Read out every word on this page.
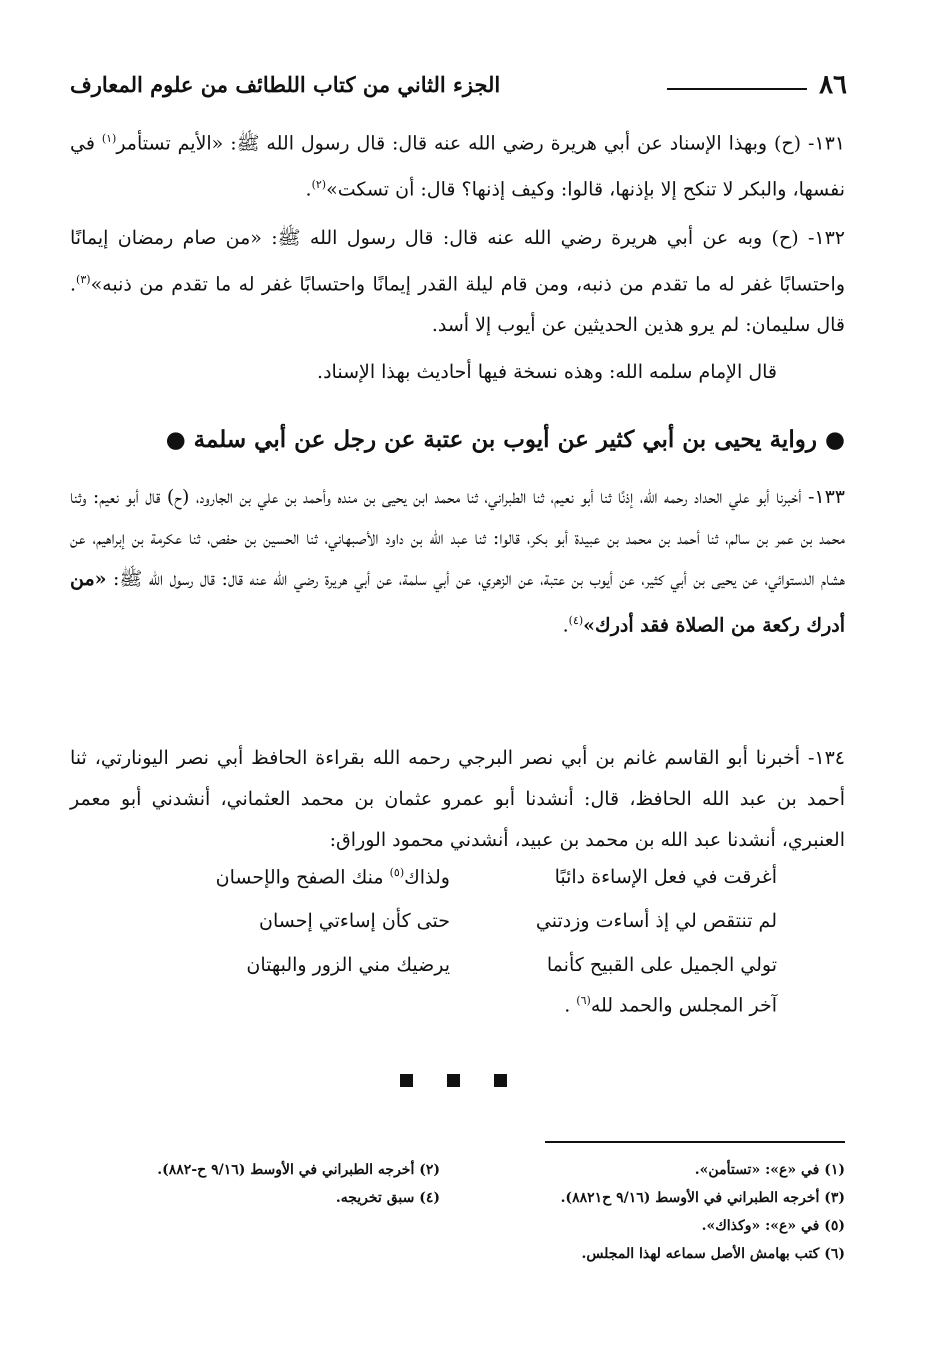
٨٦
الجزء الثاني من كتاب اللطائف من علوم المعارف

١٣١- (ح) وبهذا الإسناد عن أبي هريرة رضي الله عنه قال: قال رسول الله ﷺ: «الأيم تستأمر$^{(١)}$ في نفسها، والبكر لا تنكح إلا بإذنها، قالوا: وكيف إذنها؟ قال: أن تسكت»$^{(٢)}$.

١٣٢- (ح) وبه عن أبي هريرة رضي الله عنه قال: قال رسول الله ﷺ: «من صام رمضان إيمانًا واحتسابًا غفر له ما تقدم من ذنبه، ومن قام ليلة القدر إيمانًا واحتسابًا غفر له ما تقدم من ذنبه»$^{(٣)}$. قال سليمان: لم يرو هذين الحديثين عن أيوب إلا أسد.

قال الإمام سلمه الله: وهذه نسخة فيها أحاديث بهذا الإسناد.

● رواية يحيى بن أبي كثير عن أيوب بن عتبة عن رجل عن أبي سلمة ●

١٣٣- أخبرنا أبو علي الحداد رحمه الله، إذنًا ثنا أبو نعيم، ثنا الطبراني، ثنا محمد ابن يحيى بن منده وأحمد بن علي بن الجارود، (ح) قال أبو نعيم: وثنا محمد بن عمر بن سالم، ثنا أحمد بن محمد بن عبيدة أبو بكر، قالوا: ثنا عبد الله بن داود الأصبهاني، ثنا الحسين بن حفص، ثنا عكرمة بن إبراهيم، عن هشام الدستوائي، عن يحيى بن أبي كثير، عن أيوب بن عتبة، عن الزهري، عن أبي سلمة، عن أبي هريرة رضي الله عنه قال: قال رسول الله ﷺ: «من أدرك ركعة من الصلاة فقد أدرك»$^{(٤)}$.

١٣٤- أخبرنا أبو القاسم غانم بن أبي نصر البرجي رحمه الله بقراءة الحافظ أبي نصر اليونارتي، ثنا أحمد بن عبد الله الحافظ، قال: أنشدنا أبو عمرو عثمان بن محمد العثماني، أنشدني أبو معمر العنبري، أنشدنا عبد الله بن محمد بن عبيد، أنشدني محمود الوراق:

أغرقت في فعل الإساءة دائبًا
ولذاك$^{(٥)}$ منك الصفح والإحسان
لم تنتقص لي إذ أساءت وزدتني
حتى كأن إساءتي إحسان
تولي الجميل على القبيح كأنما
يرضيك مني الزور والبهتان
آخر المجلس والحمد لله$^{(٦)}$ .
(١) في «ع»: «تستأمن».
(٣) أخرجه الطبراني في الأوسط (٩/١٦ ح٨٨٢١).
(٥) في «ع»: «وكذاك».
(٦) كتب بهامش الأصل سماعه لهذا المجلس.
(٢) أخرجه الطبراني في الأوسط (٩/١٦ ح-٨٨٢).
(٤) سبق تخريجه.
